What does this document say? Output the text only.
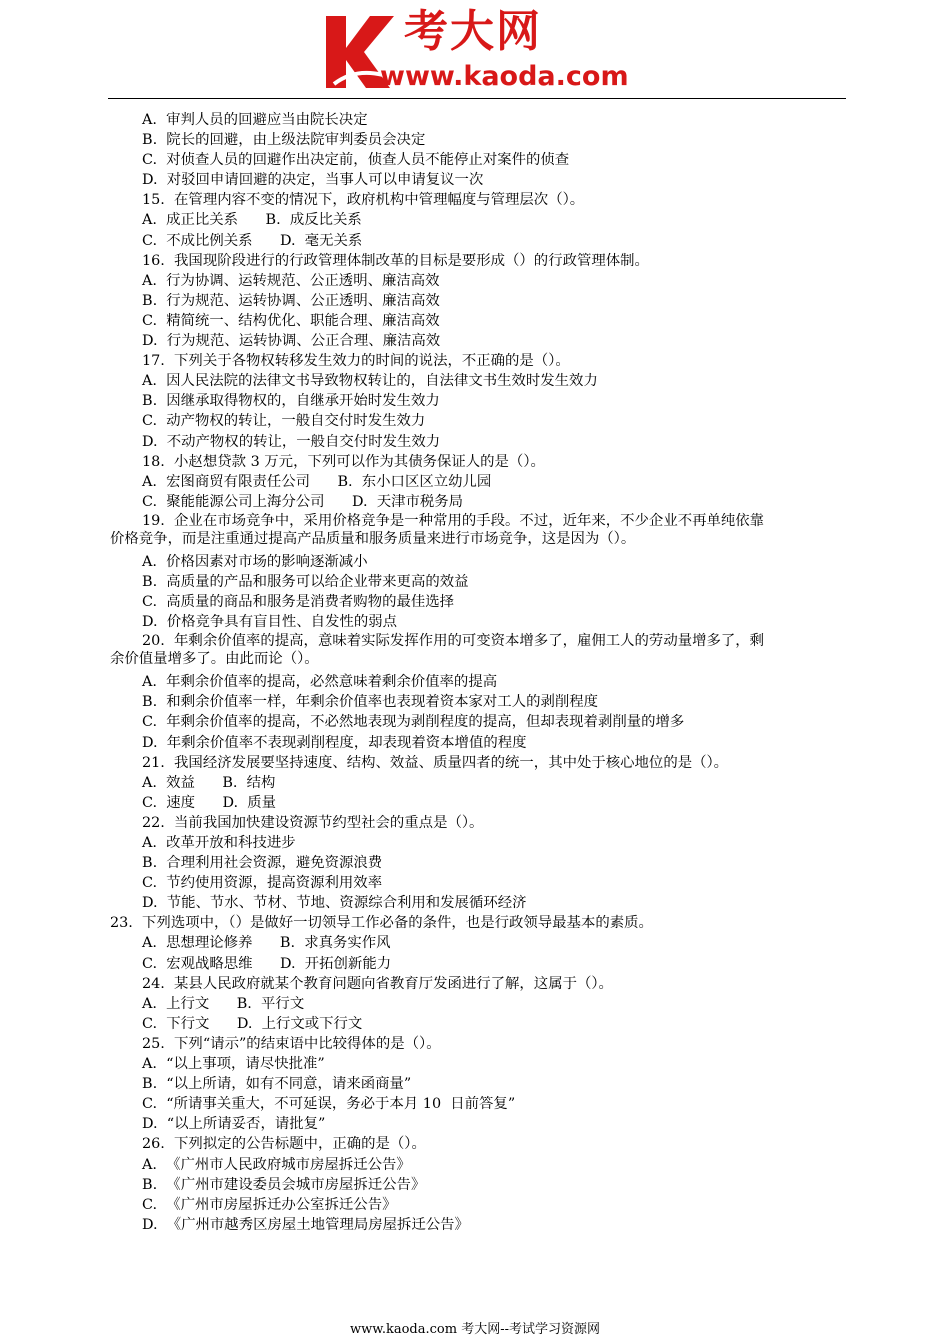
考大网
www.kaoda.com
A.  审判人员的回避应当由院长决定
B.  院长的回避，由上级法院审判委员会决定
C.  对侦查人员的回避作出决定前，侦查人员不能停止对案件的侦查
D.  对驳回申请回避的决定，当事人可以申请复议一次
15.  在管理内容不变的情况下，政府机构中管理幅度与管理层次（）。
A.  成正比关系      B.  成反比关系
C.  不成比例关系      D.  毫无关系
16.  我国现阶段进行的行政管理体制改革的目标是要形成（）的行政管理体制。
A.  行为协调、运转规范、公正透明、廉洁高效
B.  行为规范、运转协调、公正透明、廉洁高效
C.  精简统一、结构优化、职能合理、廉洁高效
D.  行为规范、运转协调、公正合理、廉洁高效
17.  下列关于各物权转移发生效力的时间的说法，不正确的是（）。
A.  因人民法院的法律文书导致物权转让的，自法律文书生效时发生效力
B.  因继承取得物权的，自继承开始时发生效力
C.  动产物权的转让，一般自交付时发生效力
D.  不动产物权的转让，一般自交付时发生效力
18.  小赵想贷款 3 万元，下列可以作为其债务保证人的是（）。
A.  宏图商贸有限责任公司      B.  东小口区区立幼儿园
C.  聚能能源公司上海分公司      D.  天津市税务局
19.  企业在市场竞争中，采用价格竞争是一种常用的手段。不过，近年来，不少企业不再单纯依靠
价格竞争，而是注重通过提高产品质量和服务质量来进行市场竞争，这是因为（）。
A.  价格因素对市场的影响逐渐减小
B.  高质量的产品和服务可以给企业带来更高的效益
C.  高质量的商品和服务是消费者购物的最佳选择
D.  价格竞争具有盲目性、自发性的弱点
20.  年剩余价值率的提高，意味着实际发挥作用的可变资本增多了，雇佣工人的劳动量增多了，剩
余价值量增多了。由此而论（）。
A.  年剩余价值率的提高，必然意味着剩余价值率的提高
B.  和剩余价值率一样，年剩余价值率也表现着资本家对工人的剥削程度
C.  年剩余价值率的提高，不必然地表现为剥削程度的提高，但却表现着剥削量的增多
D.  年剩余价值率不表现剥削程度，却表现着资本增值的程度
21.  我国经济发展要坚持速度、结构、效益、质量四者的统一，其中处于核心地位的是（）。
A.  效益      B.  结构
C.  速度      D.  质量
22.  当前我国加快建设资源节约型社会的重点是（）。
A.  改革开放和科技进步
B.  合理利用社会资源，避免资源浪费
C.  节约使用资源，提高资源利用效率
D.  节能、节水、节材、节地、资源综合利用和发展循环经济
23.  下列选项中，（）是做好一切领导工作必备的条件，也是行政领导最基本的素质。
A.  思想理论修养      B.  求真务实作风
C.  宏观战略思维      D.  开拓创新能力
24.  某县人民政府就某个教育问题向省教育厅发函进行了解，这属于（）。
A.  上行文      B.  平行文
C.  下行文      D.  上行文或下行文
25.  下列“请示”的结束语中比较得体的是（）。
A.  “以上事项，请尽快批准”
B.  “以上所请，如有不同意，请来函商量”
C.  “所请事关重大，不可延误，务必于本月 10  日前答复”
D.  “以上所请妥否，请批复”
26.  下列拟定的公告标题中，正确的是（）。
A.  《广州市人民政府城市房屋拆迁公告》
B.  《广州市建设委员会城市房屋拆迁公告》
C.  《广州市房屋拆迁办公室拆迁公告》
D.  《广州市越秀区房屋土地管理局房屋拆迁公告》
www.kaoda.com 考大网--考试学习资源网
